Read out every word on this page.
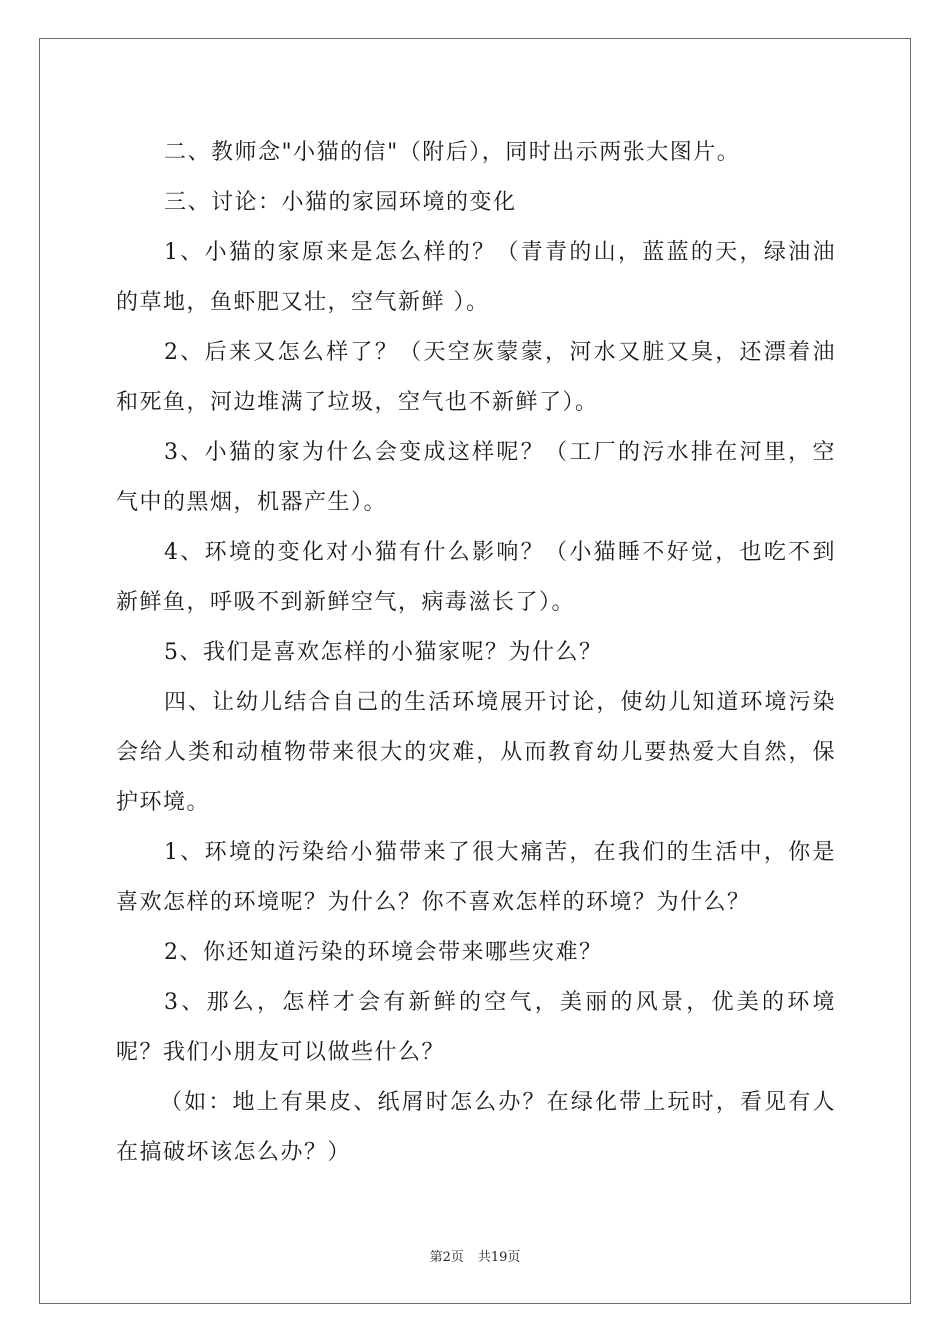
二、教师念"小猫的信"（附后），同时出示两张大图片。

三、讨论：小猫的家园环境的变化

1、小猫的家原来是怎么样的？（青青的山，蓝蓝的天，绿油油的草地，鱼虾肥又壮，空气新鲜 ）。

2、后来又怎么样了？（天空灰蒙蒙，河水又脏又臭，还漂着油和死鱼，河边堆满了垃圾，空气也不新鲜了）。

3、小猫的家为什么会变成这样呢？（工厂的污水排在河里，空气中的黑烟，机器产生）。

4、环境的变化对小猫有什么影响？（小猫睡不好觉，也吃不到新鲜鱼，呼吸不到新鲜空气，病毒滋长了）。

5、我们是喜欢怎样的小猫家呢？为什么？

四、让幼儿结合自己的生活环境展开讨论，使幼儿知道环境污染会给人类和动植物带来很大的灾难，从而教育幼儿要热爱大自然，保护环境。

1、环境的污染给小猫带来了很大痛苦，在我们的生活中，你是喜欢怎样的环境呢？为什么？你不喜欢怎样的环境？为什么？

2、你还知道污染的环境会带来哪些灾难？

3、那么，怎样才会有新鲜的空气，美丽的风景，优美的环境呢？我们小朋友可以做些什么？

（如：地上有果皮、纸屑时怎么办？在绿化带上玩时，看见有人在搞破坏该怎么办？）

第2页 共19页
